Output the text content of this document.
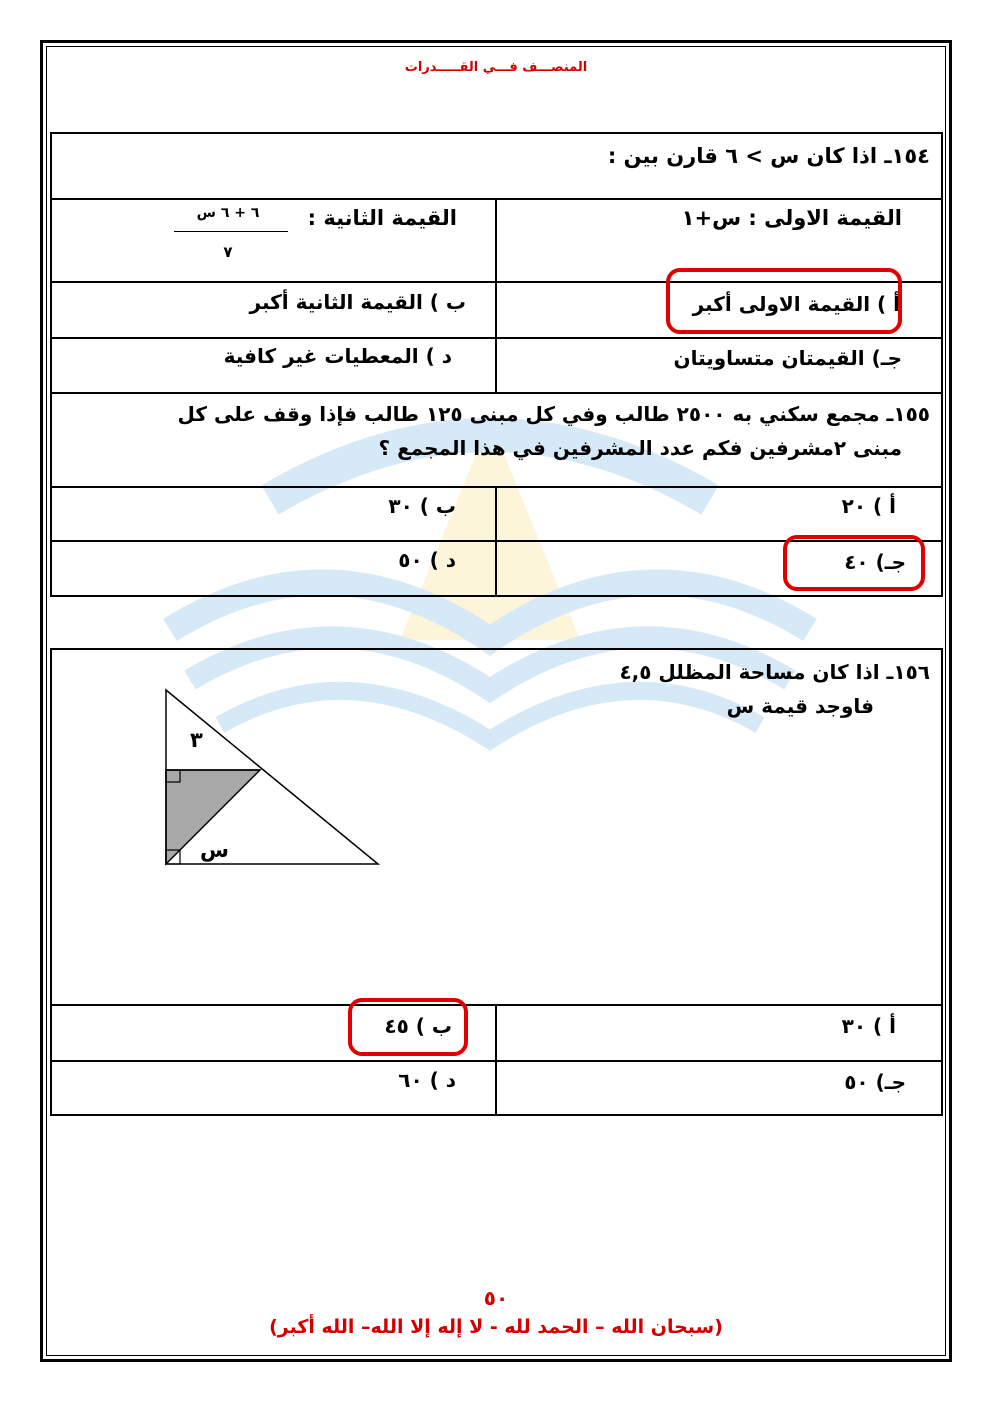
المنصـــف فـــي القـــــدرات
١٥٤ـ اذا كان س > ٦ قارن بين :
القيمة الاولى : س+١
القيمة الثانية :
٦ + ٦ س
٧
أ ) القيمة الاولى أكبر
ب ) القيمة الثانية أكبر
جـ) القيمتان متساويتان
د ) المعطيات غير كافية
١٥٥ـ مجمع سكني به ٢٥٠٠ طالب وفي كل مبنى ١٢٥ طالب فإذا وقف على كل
مبنى ٢مشرفين فكم عدد المشرفين في هذا المجمع ؟
أ ) ٢٠
ب ) ٣٠
جـ) ٤٠
د ) ٥٠
١٥٦ـ اذا كان مساحة المظلل ٤,٥
فاوجد قيمة س
٣
س
أ ) ٣٠
ب ) ٤٥
جـ) ٥٠
د ) ٦٠
٥٠
(سبحان الله – الحمد لله - لا إله إلا الله– الله أكبر)
